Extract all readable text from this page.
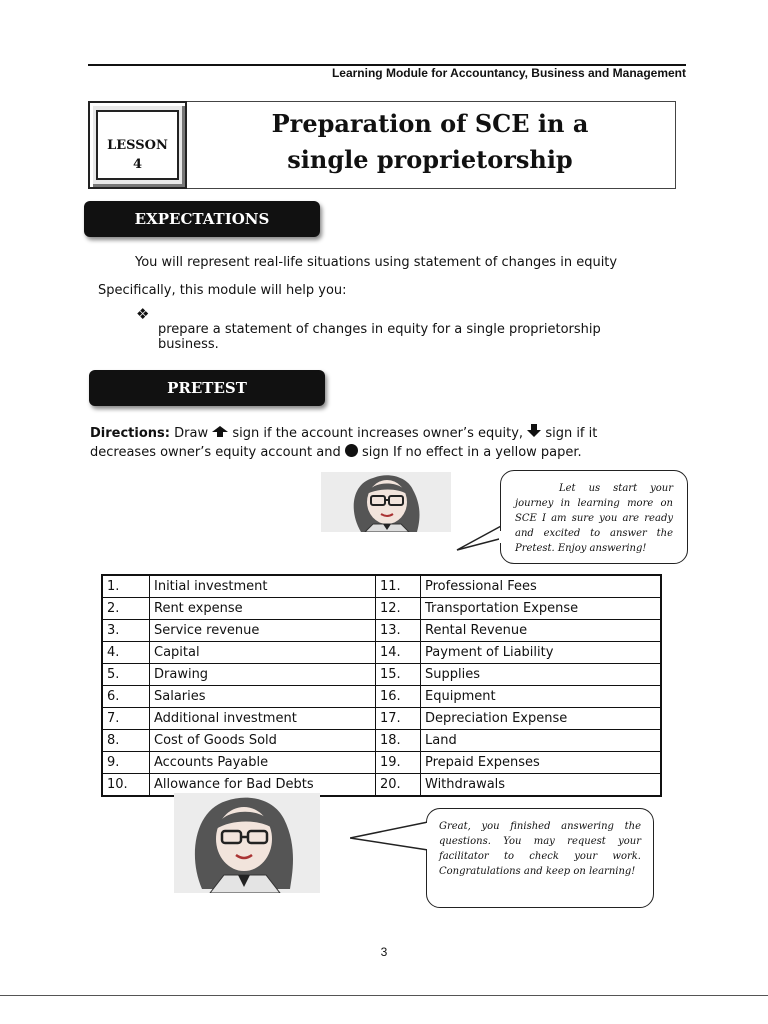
Learning Module for Accountancy, Business and Management
LESSON
4
Preparation of SCE in a
single proprietorship
EXPECTATIONS
You will represent real-life situations using statement of changes in equity
Specifically, this module will help you:
❖
prepare a statement of changes in equity for a single proprietorship
business.
PRETEST
Directions: Draw sign if the account increases owner’s equity, sign if it
decreases owner’s equity account and sign If no effect in a yellow paper.
Let us start your journey in learning more on SCE I am sure you are ready and excited to answer the Pretest. Enjoy answering!
1.	Initial investment	11.	Professional Fees
2.	Rent expense	12.	Transportation Expense
3.	Service revenue	13.	Rental Revenue
4.	Capital	14.	Payment of Liability
5.	Drawing	15.	Supplies
6.	Salaries	16.	Equipment
7.	Additional investment	17.	Depreciation Expense
8.	Cost of Goods Sold	18.	Land
9.	Accounts Payable	19.	Prepaid Expenses
10.	Allowance for Bad Debts	20.	Withdrawals
Great, you finished answering the questions. You may request your facilitator to check your work. Congratulations and keep on learning!
3
